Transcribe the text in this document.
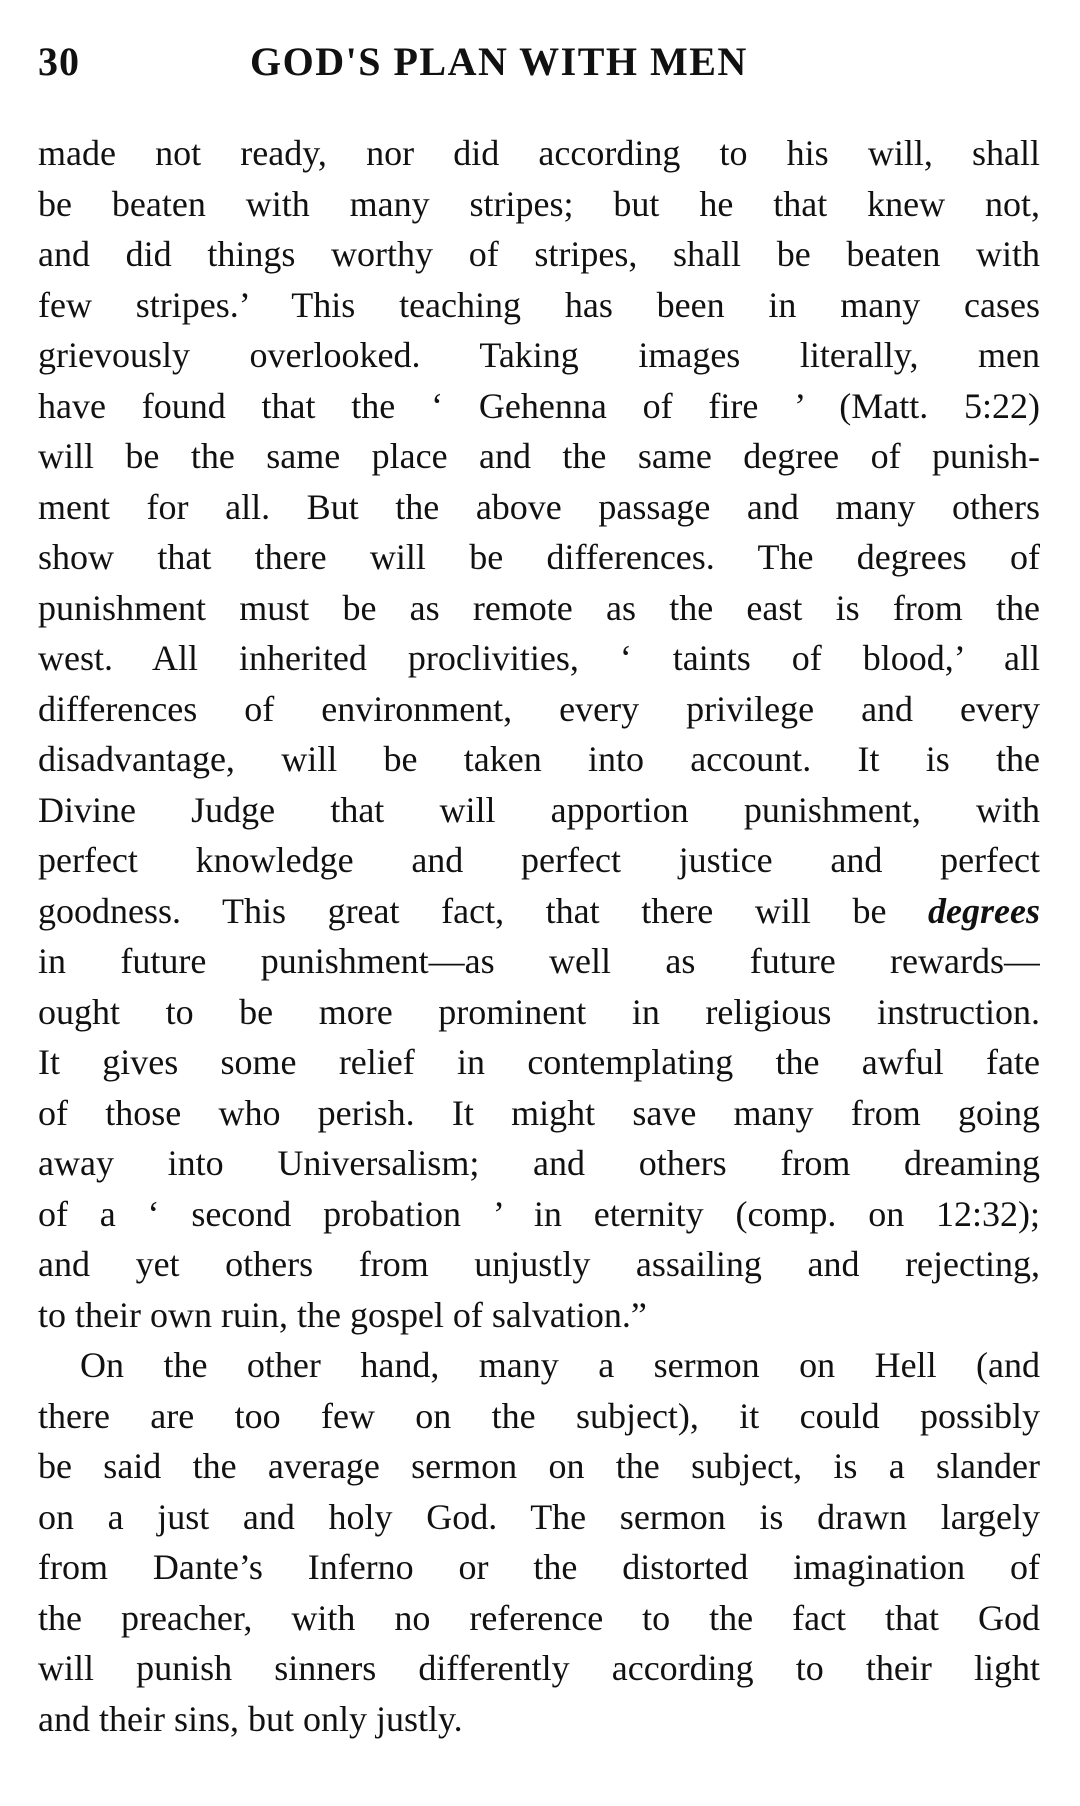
30	GOD'S PLAN WITH MEN
made not ready, nor did according to his will, shall
be beaten with many stripes; but he that knew not,
and did things worthy of stripes, shall be beaten with
few stripes.’ This teaching has been in many cases
grievously overlooked. Taking images literally, men
have found that the ‘ Gehenna of fire ’ (Matt. 5:22)
will be the same place and the same degree of punish-
ment for all. But the above passage and many others
show that there will be differences. The degrees of
punishment must be as remote as the east is from the
west. All inherited proclivities, ‘ taints of blood,’ all
differences of environment, every privilege and every
disadvantage, will be taken into account. It is the
Divine Judge that will apportion punishment, with
perfect knowledge and perfect justice and perfect
goodness. This great fact, that there will be degrees
in future punishment—as well as future rewards—
ought to be more prominent in religious instruction.
It gives some relief in contemplating the awful fate
of those who perish. It might save many from going
away into Universalism; and others from dreaming
of a ‘ second probation ’ in eternity (comp. on 12:32);
and yet others from unjustly assailing and rejecting,
to their own ruin, the gospel of salvation.”
On the other hand, many a sermon on Hell (and
there are too few on the subject), it could possibly
be said the average sermon on the subject, is a slander
on a just and holy God. The sermon is drawn largely
from Dante’s Inferno or the distorted imagination of
the preacher, with no reference to the fact that God
will punish sinners differently according to their light
and their sins, but only justly.
